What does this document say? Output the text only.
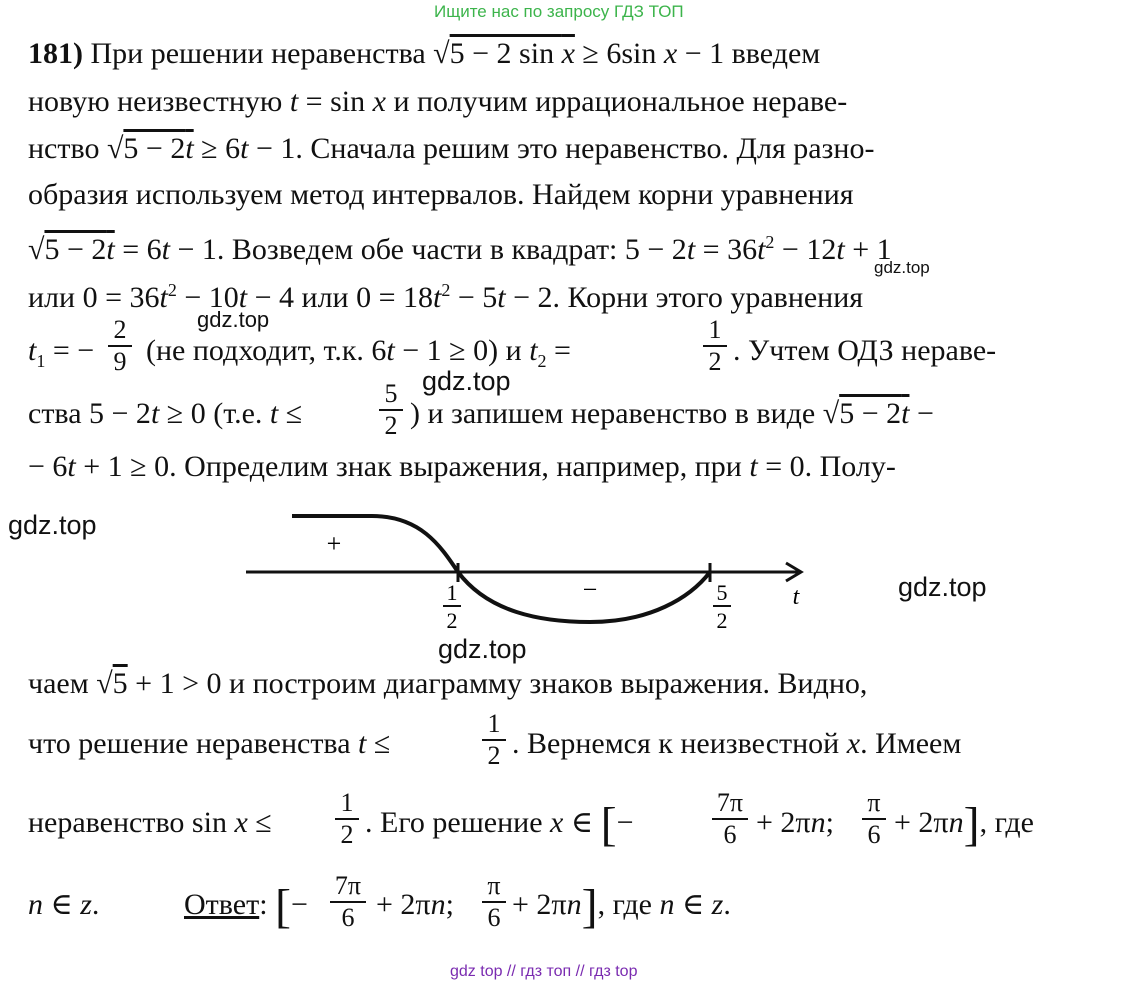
Ищите нас по запросу ГДЗ ТОП
181) При решении неравенства √5 − 2 sin x ≥ 6sin x − 1 введем
новую неизвестную t = sin x и получим иррациональное нераве-
нство √5 − 2t ≥ 6t − 1. Сначала решим это неравенство. Для разно-
образия используем метод интервалов. Найдем корни уравнения
√5 − 2t = 6t − 1. Возведем обе части в квадрат: $5 - 2t = 36t^2 - 12t + 1$
или $0 = 36t^2 - 10t - 4$ или $0 = 18t^2 - 5t - 2$. Корни этого уравнения
$t_1$ = −
2
9 (не подходит, т.к. 6t − 1 ≥ 0) и $t_2$ =
1
2 . Учтем ОДЗ нераве-
ства 5 − 2t ≥ 0 (т.е. t ≤
5
2 ) и запишем неравенство в виде √5 − 2t −
− 6t + 1 ≥ 0. Определим знак выражения, например, при t = 0. Полу-
+
−	t
1
2
5
2
чаем √5 + 1 > 0 и построим диаграмму знаков выражения. Видно,
что решение неравенства t ≤
1
2 . Вернемся к неизвестной x. Имеем
неравенство sin x ≤
1
2 . Его решение x ∈ [−
7π
6 + 2πn;
π
6 + 2πn], где
n ∈ z.	Ответ: [−
7π
6 + 2πn;
π
6 + 2πn], где n ∈ z.
gdz.top
gdz.top
gdz.top
gdz.top
gdz.top
gdz.top
gdz top // гдз топ // гдз top
